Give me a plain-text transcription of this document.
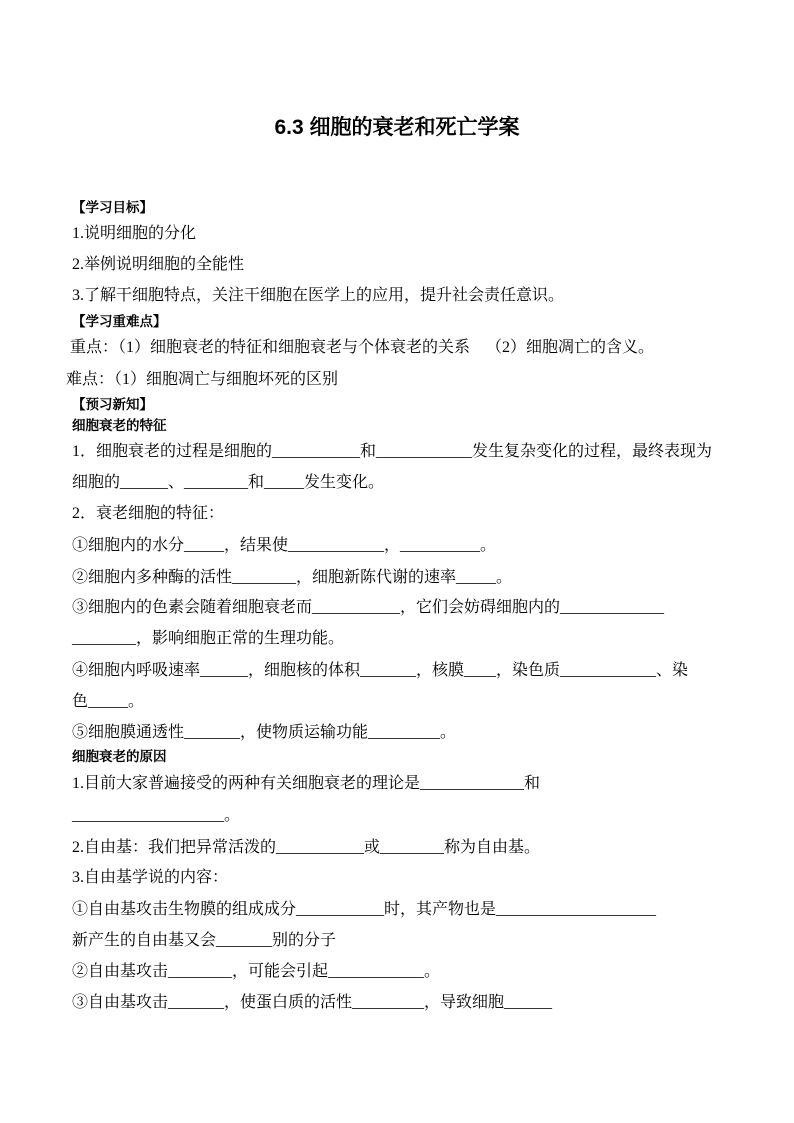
6.3 细胞的衰老和死亡学案
【学习目标】
1.说明细胞的分化
2.举例说明细胞的全能性
3.了解干细胞特点，关注干细胞在医学上的应用，提升社会责任意识。
【学习重难点】
重点：（1）细胞衰老的特征和细胞衰老与个体衰老的关系    （2）细胞凋亡的含义。
难点：（1）细胞凋亡与细胞坏死的区别
【预习新知】
细胞衰老的特征
1．细胞衰老的过程是细胞的___________和____________发生复杂变化的过程，最终表现为
细胞的______、________和_____发生变化。
2．衰老细胞的特征：
①细胞内的水分_____，结果使____________，__________。
②细胞内多种酶的活性________，细胞新陈代谢的速率_____。
③细胞内的色素会随着细胞衰老而___________，它们会妨碍细胞内的_____________
________，影响细胞正常的生理功能。
④细胞内呼吸速率______，细胞核的体积_______，核膜____，染色质____________、染
色_____。
⑤细胞膜通透性_______，使物质运输功能_________。
细胞衰老的原因
1.目前大家普遍接受的两种有关细胞衰老的理论是_____________和
___________________。
2.自由基：我们把异常活泼的___________或________称为自由基。
3.自由基学说的内容：
①自由基攻击生物膜的组成成分___________时，其产物也是____________________
新产生的自由基又会_______别的分子
②自由基攻击________，可能会引起____________。
③自由基攻击_______，使蛋白质的活性_________，导致细胞______
